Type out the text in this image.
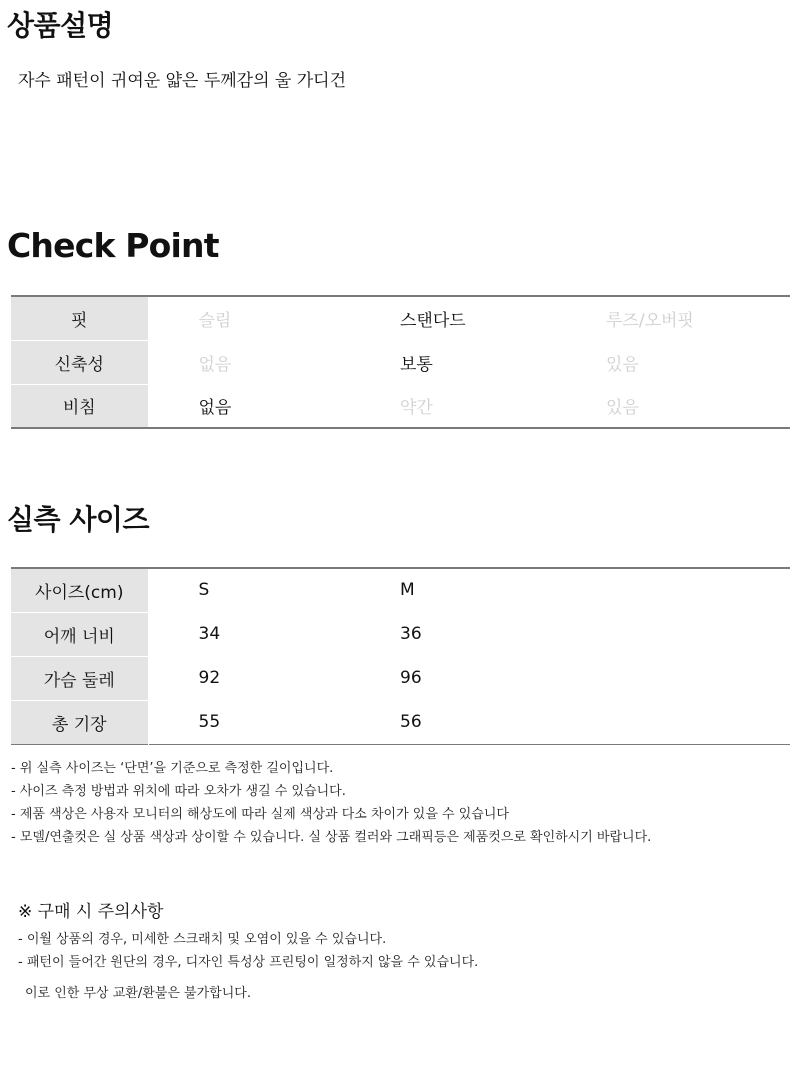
상품설명
자수 패턴이 귀여운 얇은 두께감의 울 가디건
Check Point
핏	슬림	스탠다드	루즈/오버핏
신축성	없음	보통	있음
비침	없음	약간	있음
실측 사이즈
사이즈(cm)	S	M	
어깨 너비	34	36	
가슴 둘레	92	96	
총 기장	55	56	
- 위 실측 사이즈는 ‘단면’을 기준으로 측정한 길이입니다.
- 사이즈 측정 방법과 위치에 따라 오차가 생길 수 있습니다.
- 제품 색상은 사용자 모니터의 해상도에 따라 실제 색상과 다소 차이가 있을 수 있습니다
- 모델/연출컷은 실 상품 색상과 상이할 수 있습니다. 실 상품 컬러와 그래픽등은 제품컷으로 확인하시기 바랍니다.
※ 구매 시 주의사항
- 이월 상품의 경우, 미세한 스크래치 및 오염이 있을 수 있습니다.
- 패턴이 들어간 원단의 경우, 디자인 특성상 프린팅이 일정하지 않을 수 있습니다.
이로 인한 무상 교환/환불은 불가합니다.
